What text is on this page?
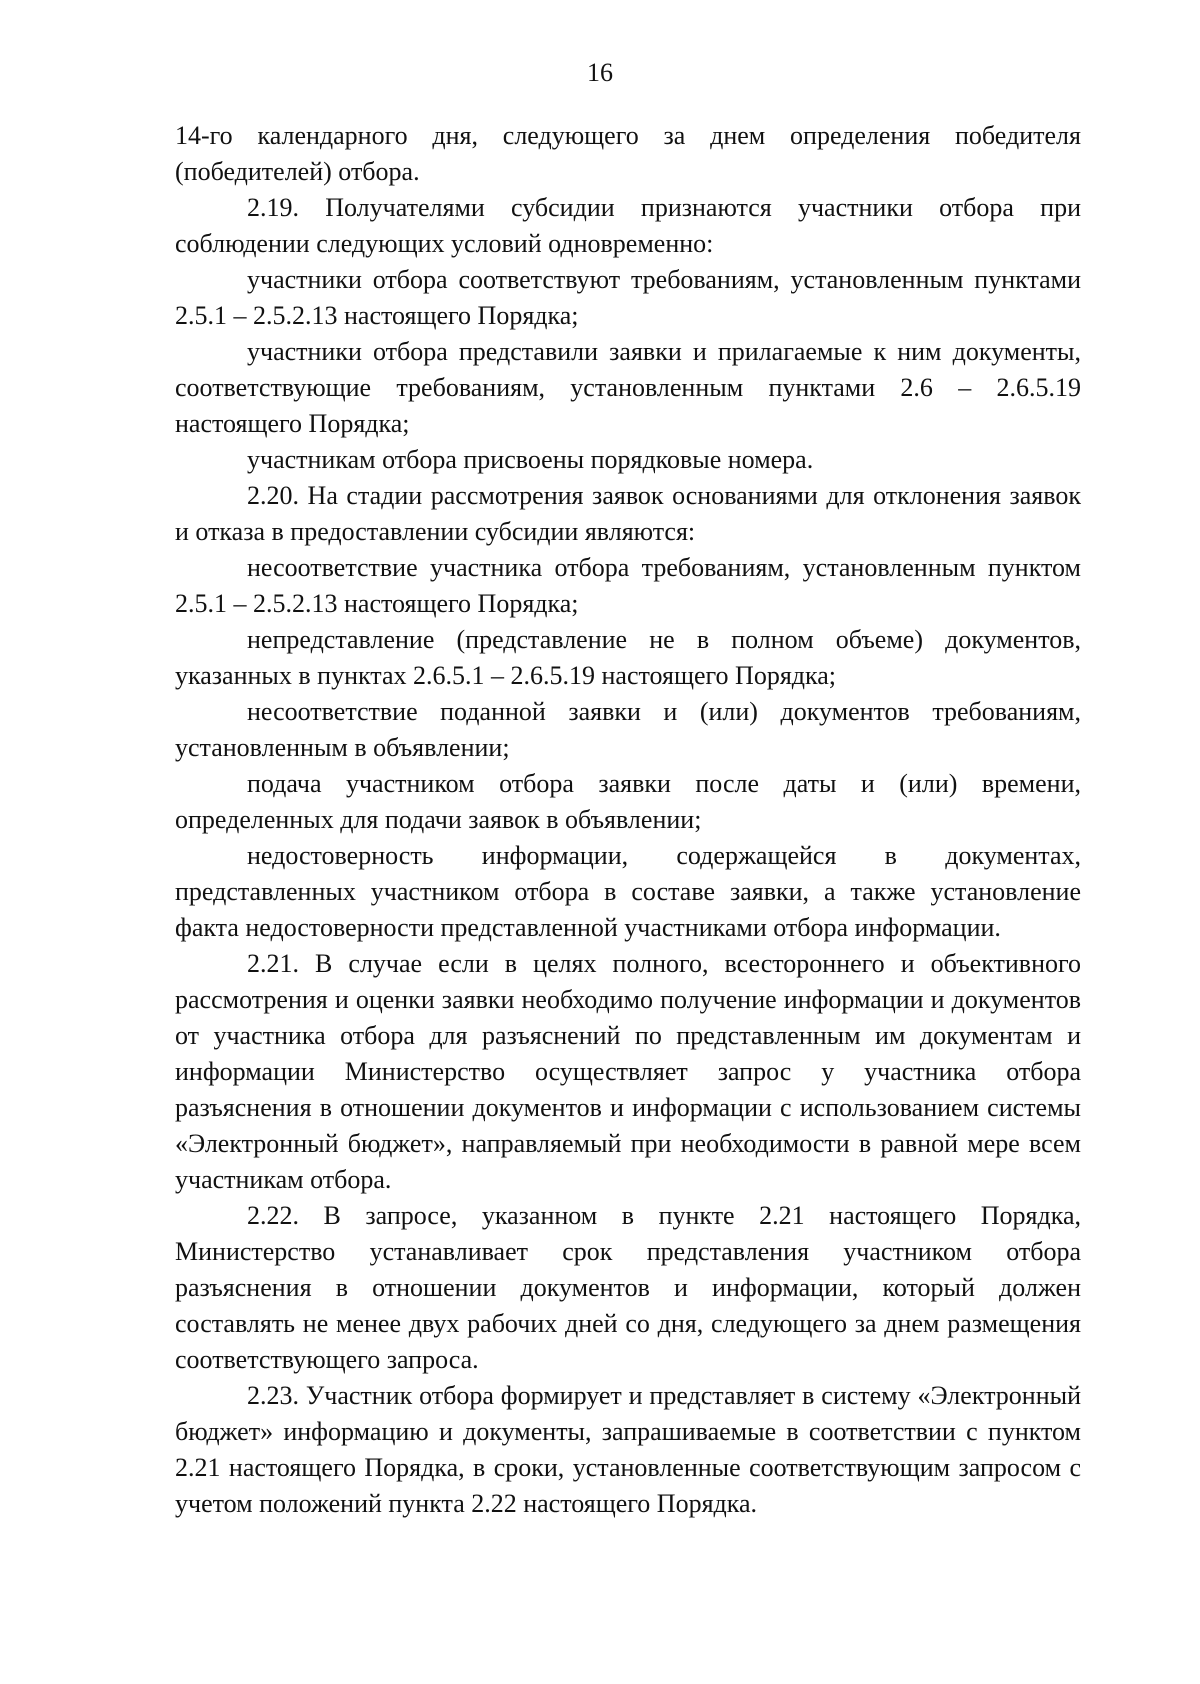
16

14-го календарного дня, следующего за днем определения победителя (победителей) отбора.

2.19. Получателями субсидии признаются участники отбора при соблюдении следующих условий одновременно:

участники отбора соответствуют требованиям, установленным пунктами 2.5.1 – 2.5.2.13 настоящего Порядка;

участники отбора представили заявки и прилагаемые к ним документы, соответствующие требованиям, установленным пунктами 2.6 – 2.6.5.19 настоящего Порядка;

участникам отбора присвоены порядковые номера.

2.20. На стадии рассмотрения заявок основаниями для отклонения заявок и отказа в предоставлении субсидии являются:

несоответствие участника отбора требованиям, установленным пунктом 2.5.1 – 2.5.2.13 настоящего Порядка;

непредставление (представление не в полном объеме) документов, указанных в пунктах 2.6.5.1 – 2.6.5.19 настоящего Порядка;

несоответствие поданной заявки и (или) документов требованиям, установленным в объявлении;

подача участником отбора заявки после даты и (или) времени, определенных для подачи заявок в объявлении;

недостоверность информации, содержащейся в документах, представленных участником отбора в составе заявки, а также установление факта недостоверности представленной участниками отбора информации.

2.21. В случае если в целях полного, всестороннего и объективного рассмотрения и оценки заявки необходимо получение информации и документов от участника отбора для разъяснений по представленным им документам и информации Министерство осуществляет запрос у участника отбора разъяснения в отношении документов и информации с использованием системы «Электронный бюджет», направляемый при необходимости в равной мере всем участникам отбора.

2.22. В запросе, указанном в пункте 2.21 настоящего Порядка, Министерство устанавливает срок представления участником отбора разъяснения в отношении документов и информации, который должен составлять не менее двух рабочих дней со дня, следующего за днем размещения соответствующего запроса.

2.23. Участник отбора формирует и представляет в систему «Электронный бюджет» информацию и документы, запрашиваемые в соответствии с пунктом 2.21 настоящего Порядка, в сроки, установленные соответствующим запросом с учетом положений пункта 2.22 настоящего Порядка.
